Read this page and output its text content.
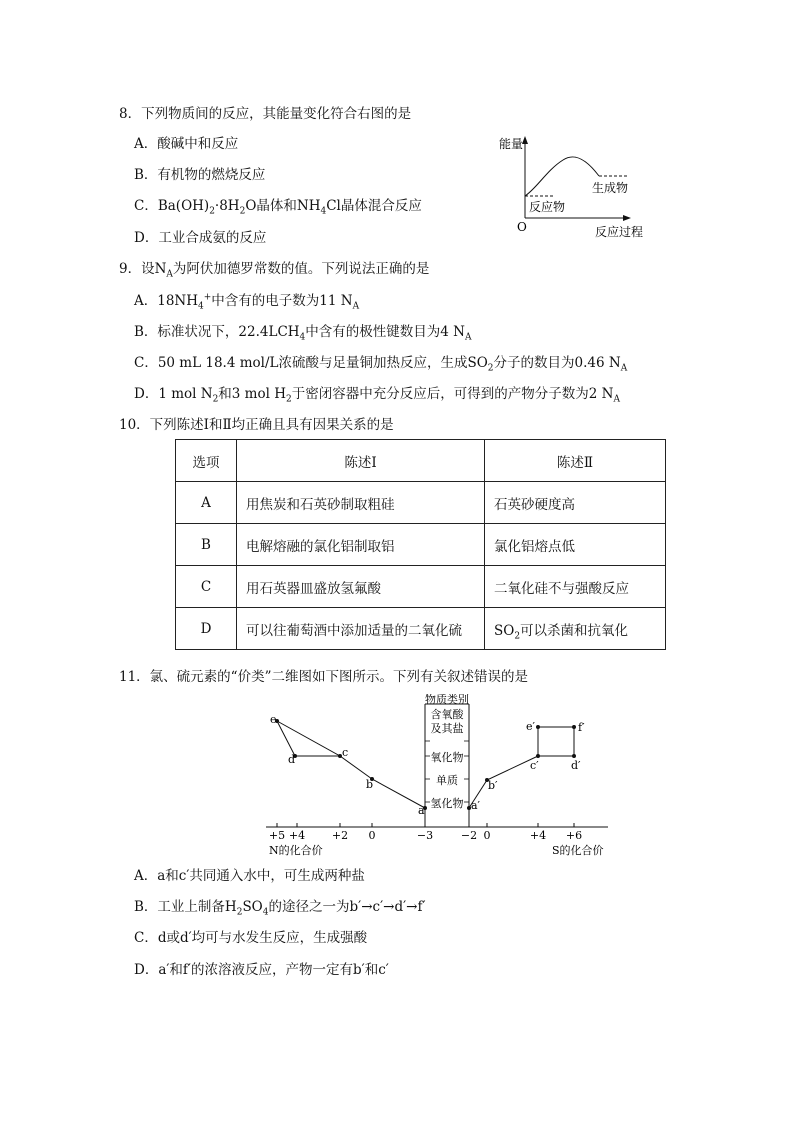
8．下列物质间的反应，其能量变化符合右图的是
A．酸碱中和反应
B．有机物的燃烧反应
C．$Ba(OH)_2\cdot 8H_2O$晶体和$NH_4Cl$晶体混合反应
D．工业合成氨的反应
能量
反应物
生成物
O	反应过程
9．设$N_A$为阿伏加德罗常数的值。下列说法正确的是
A．$18NH_4^+$中含有的电子数为11 $N_A$
B．标准状况下，$22.4LCH_4$中含有的极性键数目为4 $N_A$
C．50 mL 18.4 mol/L浓硫酸与足量铜加热反应，生成$SO_2$分子的数目为0.46 $N_A$
D．1 mol $N_2$和3 mol $H_2$于密闭容器中充分反应后，可得到的产物分子数为2 $N_A$
10．下列陈述Ⅰ和Ⅱ均正确且具有因果关系的是
选项	陈述Ⅰ	陈述Ⅱ
A	用焦炭和石英砂制取粗硅	石英砂硬度高
B	电解熔融的氯化铝制取铝	氯化铝熔点低
C	用石英器皿盛放氢氟酸	二氧化硅不与强酸反应
D	可以往葡萄酒中添加适量的二氧化硫	$SO_2$可以杀菌和抗氧化
11．氯、硫元素的“价类”二维图如下图所示。下列有关叙述错误的是
物质类别
含氧酸
及其盐
氧化物
单质
氢化物
e
d
c
b
a	a′
b′
c′	d′
e′	f′
+5 +4 +2 0	−3	−2 0	+4 +6
N的化合价	S的化合价
A．a和c′共同通入水中，可生成两种盐
B．工业上制备$H_2SO_4$的途径之一为b′→c′→d′→f′
C．d或d′均可与水发生反应，生成强酸
D．a′和f′的浓溶液反应，产物一定有b′和c′
